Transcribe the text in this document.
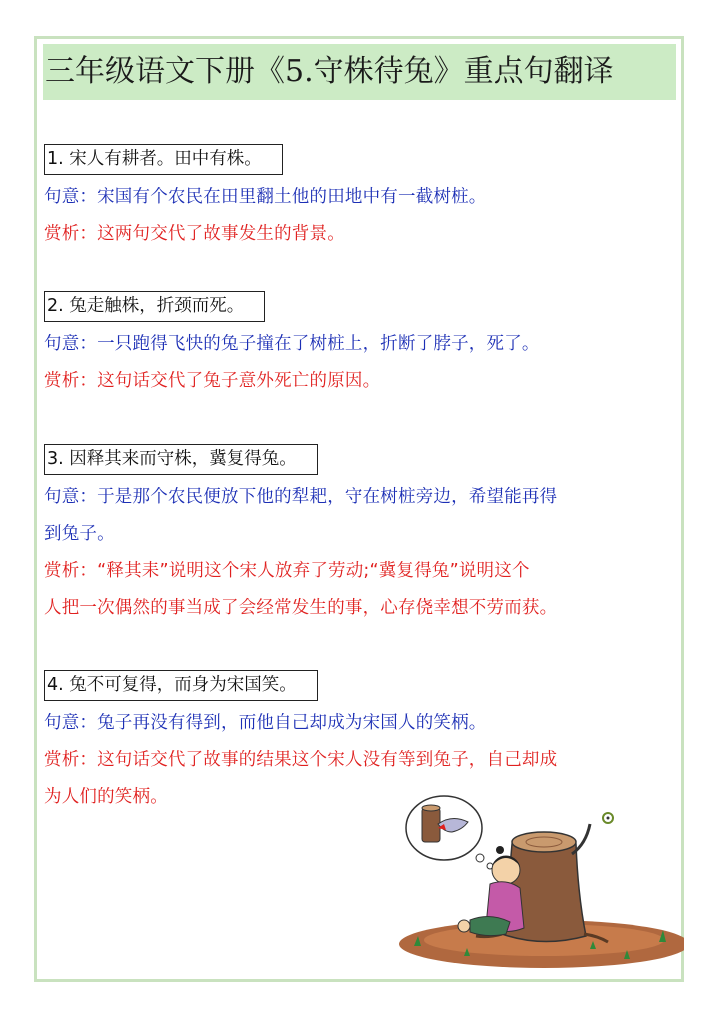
三年级语文下册《5.守株待兔》重点句翻译
1. 宋人有耕者。田中有株。
句意：宋国有个农民在田里翻土他的田地中有一截树桩。
赏析：这两句交代了故事发生的背景。
2. 兔走触株，折颈而死。
句意：一只跑得飞快的兔子撞在了树桩上，折断了脖子，死了。
赏析：这句话交代了兔子意外死亡的原因。
3. 因释其来而守株，冀复得兔。
句意：于是那个农民便放下他的犁耙，守在树桩旁边，希望能再得
到兔子。
赏析：“释其耒”说明这个宋人放弃了劳动;“冀复得兔”说明这个
人把一次偶然的事当成了会经常发生的事，心存侥幸想不劳而获。
4. 兔不可复得，而身为宋国笑。
句意：兔子再没有得到，而他自己却成为宋国人的笑柄。
赏析：这句话交代了故事的结果这个宋人没有等到兔子，自己却成
为人们的笑柄。
